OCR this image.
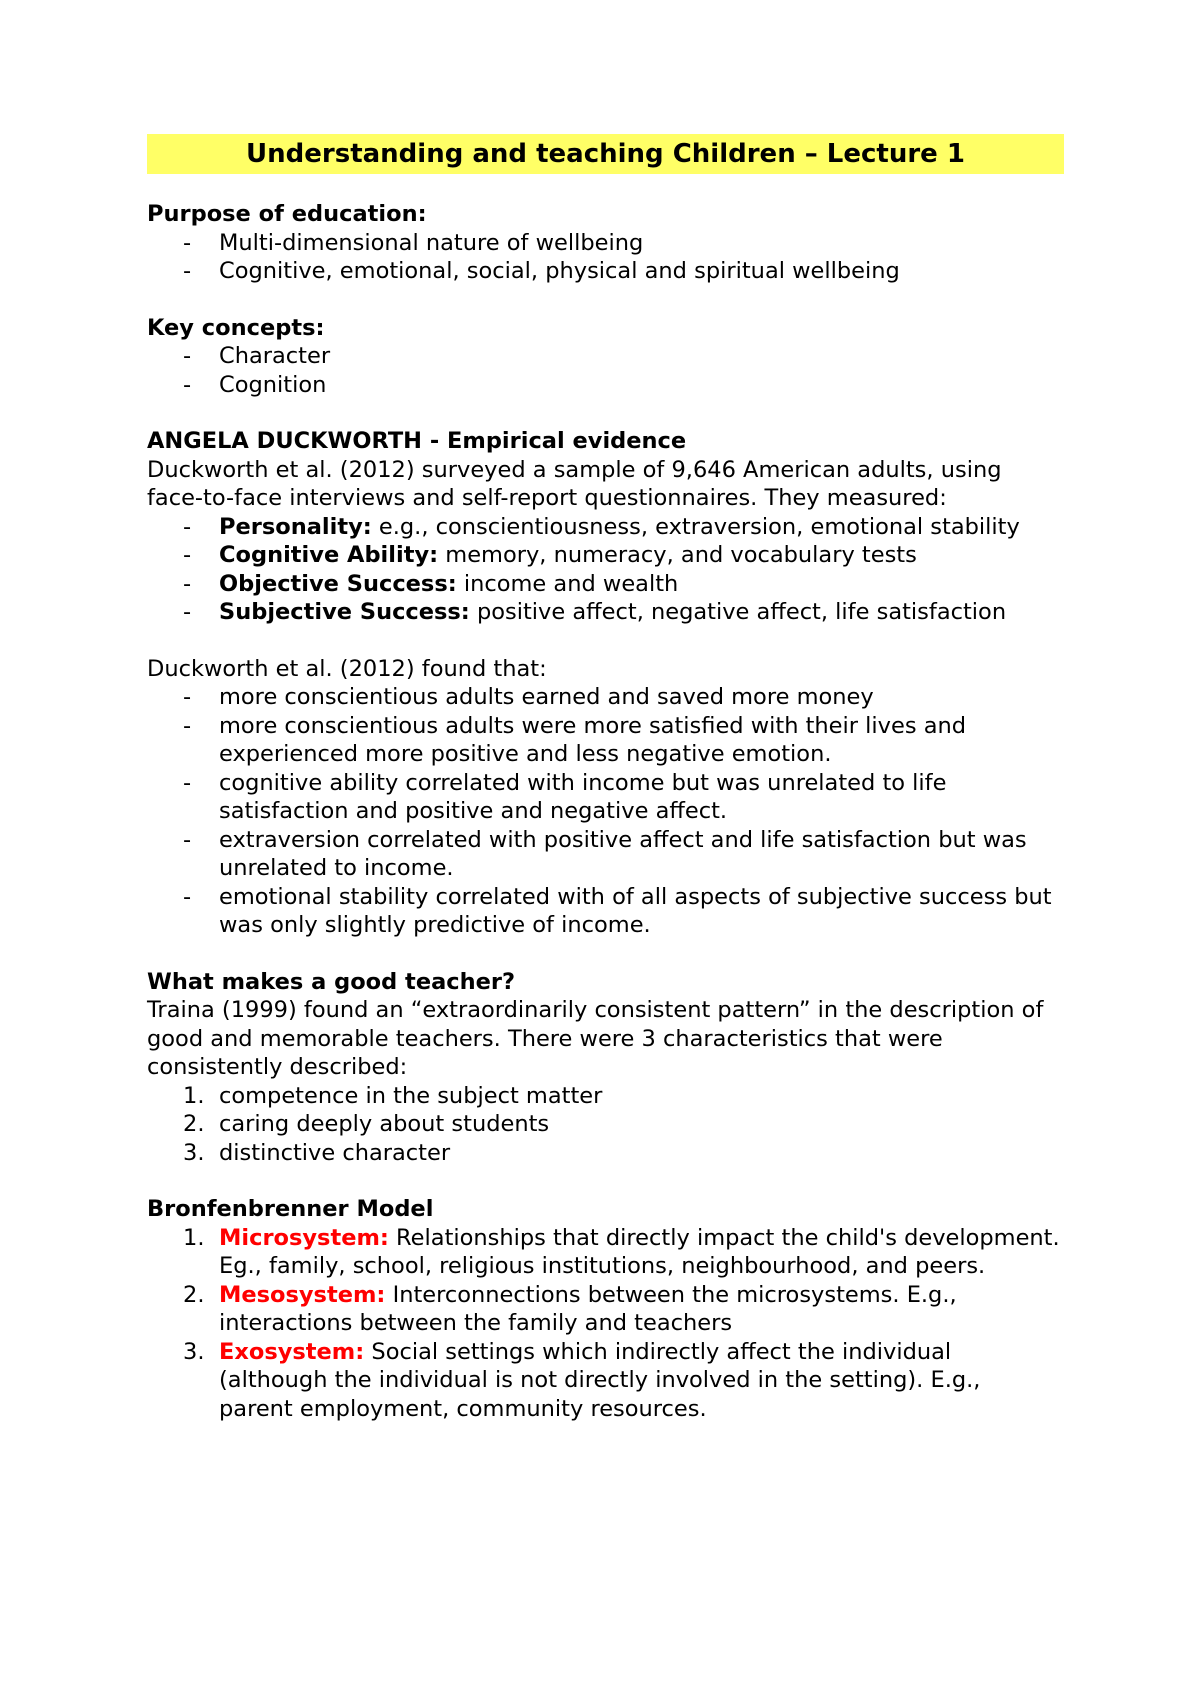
Understanding and teaching Children – Lecture 1

Purpose of education:

- Multi-dimensional nature of wellbeing
- Cognitive, emotional, social, physical and spiritual wellbeing

Key concepts:

- Character
- Cognition

ANGELA DUCKWORTH - Empirical evidence

Duckworth et al. (2012) surveyed a sample of 9,646 American adults, using face-to-face interviews and self-report questionnaires. They measured:

- Personality: e.g., conscientiousness, extraversion, emotional stability
- Cognitive Ability: memory, numeracy, and vocabulary tests
- Objective Success: income and wealth
- Subjective Success: positive affect, negative affect, life satisfaction

Duckworth et al. (2012) found that:

- more conscientious adults earned and saved more money
- more conscientious adults were more satisfied with their lives and experienced more positive and less negative emotion.
- cognitive ability correlated with income but was unrelated to life satisfaction and positive and negative affect.
- extraversion correlated with positive affect and life satisfaction but was unrelated to income.
- emotional stability correlated with of all aspects of subjective success but was only slightly predictive of income.

What makes a good teacher?

Traina (1999) found an “extraordinarily consistent pattern” in the description of good and memorable teachers. There were 3 characteristics that were consistently described:

1. competence in the subject matter
2. caring deeply about students
3. distinctive character

Bronfenbrenner Model

1. Microsystem: Relationships that directly impact the child's development. Eg., family, school, religious institutions, neighbourhood, and peers.
2. Mesosystem: Interconnections between the microsystems. E.g., interactions between the family and teachers
3. Exosystem: Social settings which indirectly affect the individual (although the individual is not directly involved in the setting). E.g., parent employment, community resources.
